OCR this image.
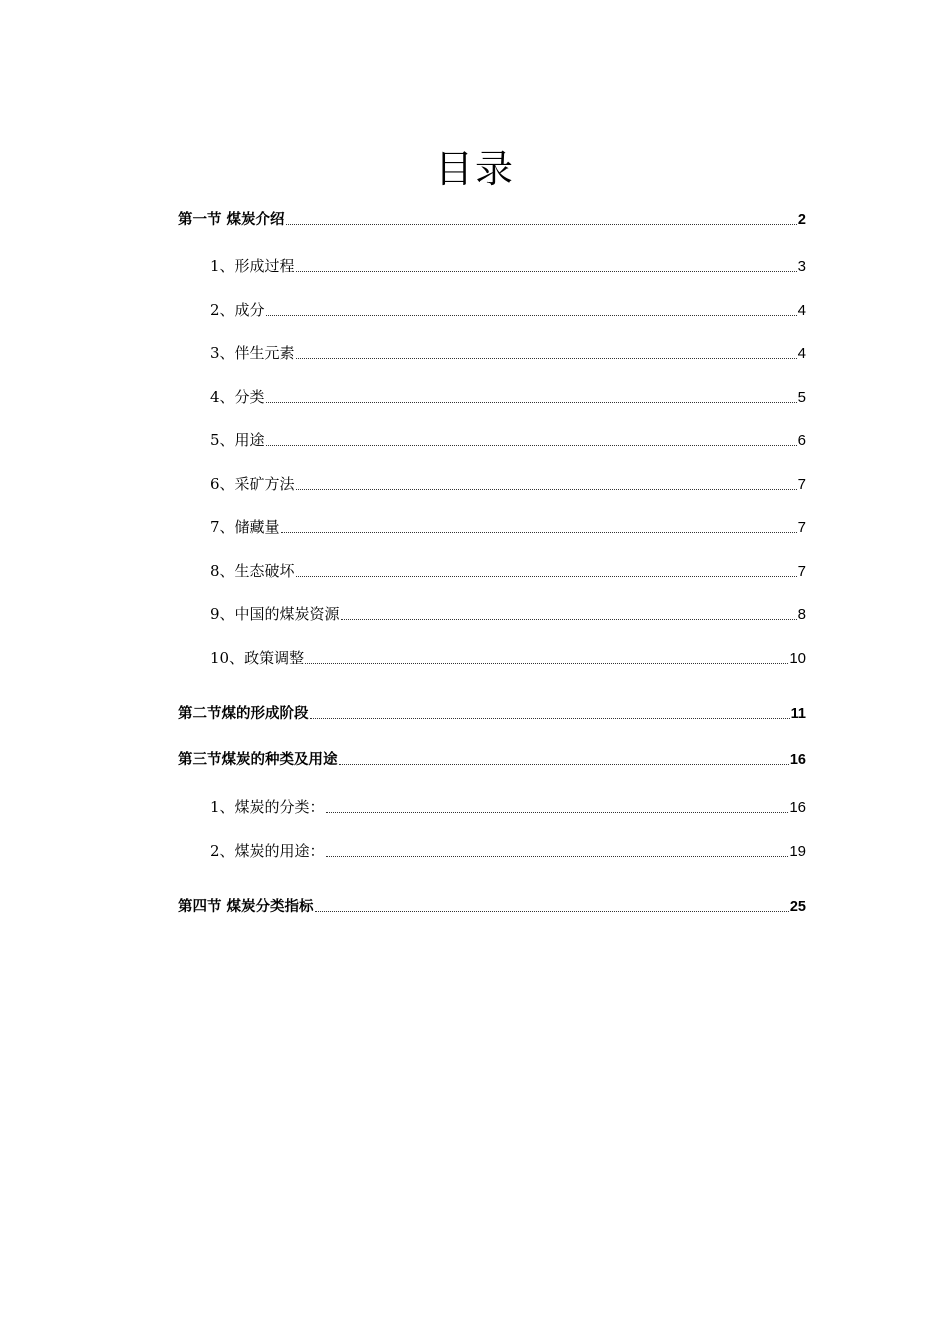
目录
第一节 煤炭介绍	2
1、形成过程	3
2、成分	4
3、伴生元素	4
4、分类	5
5、用途	6
6、采矿方法	7
7、储藏量	7
8、生态破坏	7
9、中国的煤炭资源	8
10、政策调整	10
第二节煤的形成阶段	11
第三节煤炭的种类及用途	16
1、煤炭的分类：	16
2、煤炭的用途：	19
第四节 煤炭分类指标	25
